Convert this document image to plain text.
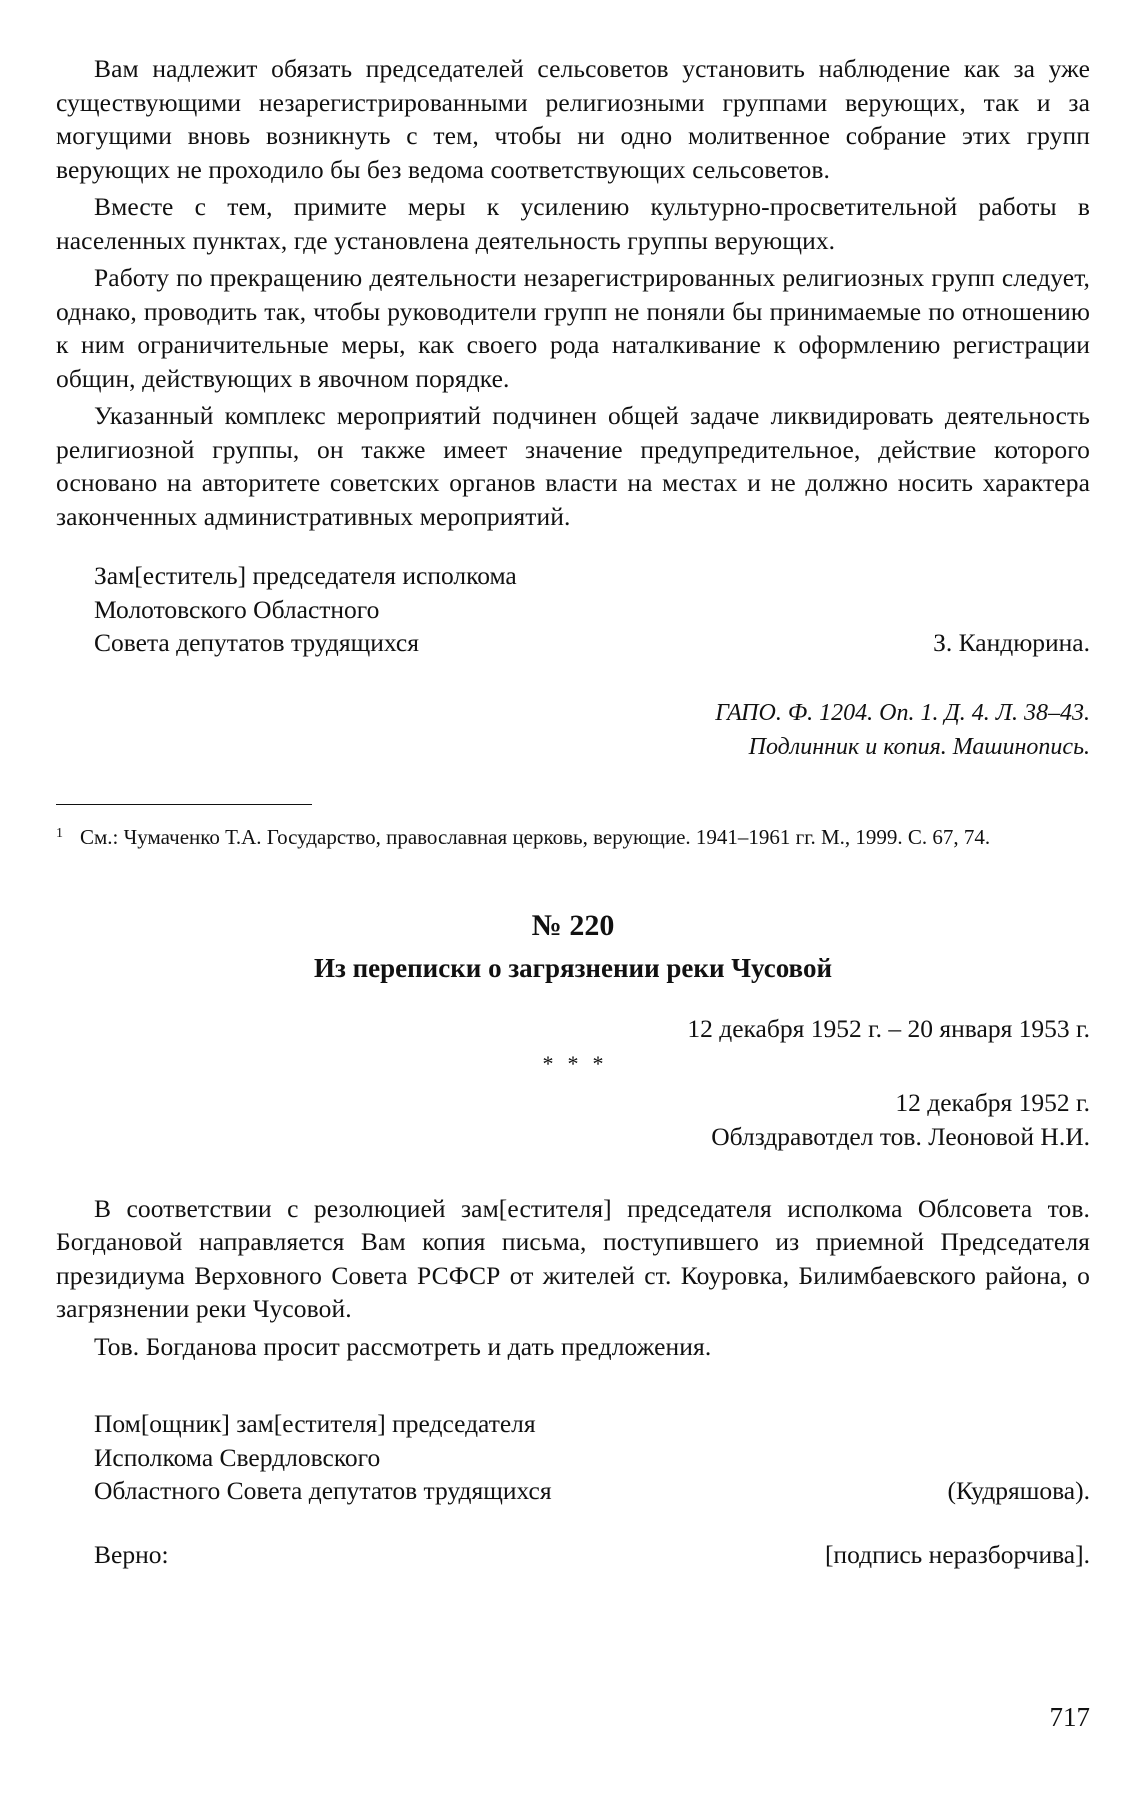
Вам надлежит обязать председателей сельсоветов установить наблюдение как за уже существующими незарегистрированными религиозными группами верующих, так и за могущими вновь возникнуть с тем, чтобы ни одно молитвенное собрание этих групп верующих не проходило бы без ведома соответствующих сельсоветов.

Вместе с тем, примите меры к усилению культурно-просветительной работы в населенных пунктах, где установлена деятельность группы верующих.

Работу по прекращению деятельности незарегистрированных религиозных групп следует, однако, проводить так, чтобы руководители групп не поняли бы принимаемые по отношению к ним ограничительные меры, как своего рода наталкивание к оформлению регистрации общин, действующих в явочном порядке.

Указанный комплекс мероприятий подчинен общей задаче ликвидировать деятельность религиозной группы, он также имеет значение предупредительное, действие которого основано на авторитете советских органов власти на местах и не должно носить характера законченных административных мероприятий.

Зам[еститель] председателя исполкома
Молотовского Областного
Совета депутатов трудящихся	З. Кандюрина.
ГАПО. Ф. 1204. Оп. 1. Д. 4. Л. 38–43.
Подлинник и копия. Машинопись.
1 См.: Чумаченко Т.А. Государство, православная церковь, верующие. 1941–1961 гг. М., 1999. С. 67, 74.
№ 220
Из переписки о загрязнении реки Чусовой
12 декабря 1952 г. – 20 января 1953 г.
***
12 декабря 1952 г.
Облздравотдел тов. Леоновой Н.И.

В соответствии с резолюцией зам[естителя] председателя исполкома Облсовета тов. Богдановой направляется Вам копия письма, поступившего из приемной Председателя президиума Верховного Совета РСФСР от жителей ст. Коуровка, Билимбаевского района, о загрязнении реки Чусовой.

Тов. Богданова просит рассмотреть и дать предложения.

Пом[ощник] зам[естителя] председателя
Исполкома Свердловского
Областного Совета депутатов трудящихся	(Кудряшова).
Верно:	[подпись неразборчива].
717
